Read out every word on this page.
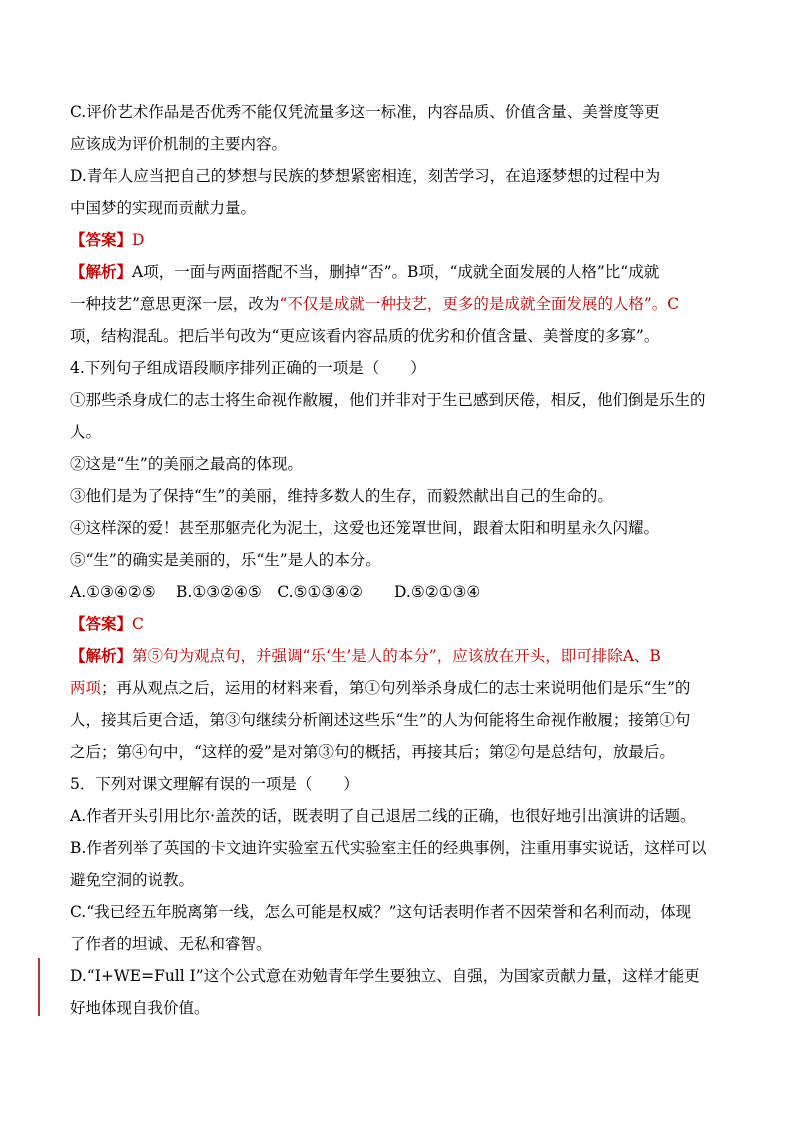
C.评价艺术作品是否优秀不能仅凭流量多这一标准，内容品质、价值含量、美誉度等更
应该成为评价机制的主要内容。
D.青年人应当把自己的梦想与民族的梦想紧密相连，刻苦学习，在追逐梦想的过程中为
中国梦的实现而贡献力量。
【答案】D
【解析】A项，一面与两面搭配不当，删掉“否”。B项，“成就全面发展的人格”比“成就
一种技艺”意思更深一层，改为“不仅是成就一种技艺，更多的是成就全面发展的人格”。C
项，结构混乱。把后半句改为“更应该看内容品质的优劣和价值含量、美誉度的多寡”。
4.下列句子组成语段顺序排列正确的一项是（　　）
①那些杀身成仁的志士将生命视作敝履，他们并非对于生已感到厌倦，相反，他们倒是乐生的
人。
②这是“生”的美丽之最高的体现。
③他们是为了保持“生”的美丽，维持多数人的生存，而毅然献出自己的生命的。
④这样深的爱！甚至那躯壳化为泥土，这爱也还笼罩世间，跟着太阳和明星永久闪耀。
⑤“生”的确实是美丽的，乐“生”是人的本分。
A.①③④②⑤　 B.①③②④⑤　C.⑤①③④②　　D.⑤②①③④
【答案】C
【解析】第⑤句为观点句，并强调“乐‘生’是人的本分”，应该放在开头，即可排除A、B
两项；再从观点之后，运用的材料来看，第①句列举杀身成仁的志士来说明他们是乐“生”的
人，接其后更合适，第③句继续分析阐述这些乐“生”的人为何能将生命视作敝履；接第①句
之后；第④句中，“这样的爱”是对第③句的概括，再接其后；第②句是总结句，放最后。
5．下列对课文理解有误的一项是（　　）
A.作者开头引用比尔·盖茨的话，既表明了自己退居二线的正确，也很好地引出演讲的话题。
B.作者列举了英国的卡文迪许实验室五代实验室主任的经典事例，注重用事实说话，这样可以
避免空洞的说教。
C.“我已经五年脱离第一线，怎么可能是权威？”这句话表明作者不因荣誉和名利而动，体现
了作者的坦诚、无私和睿智。
D.“I+WE=Full I”这个公式意在劝勉青年学生要独立、自强，为国家贡献力量，这样才能更
好地体现自我价值。
